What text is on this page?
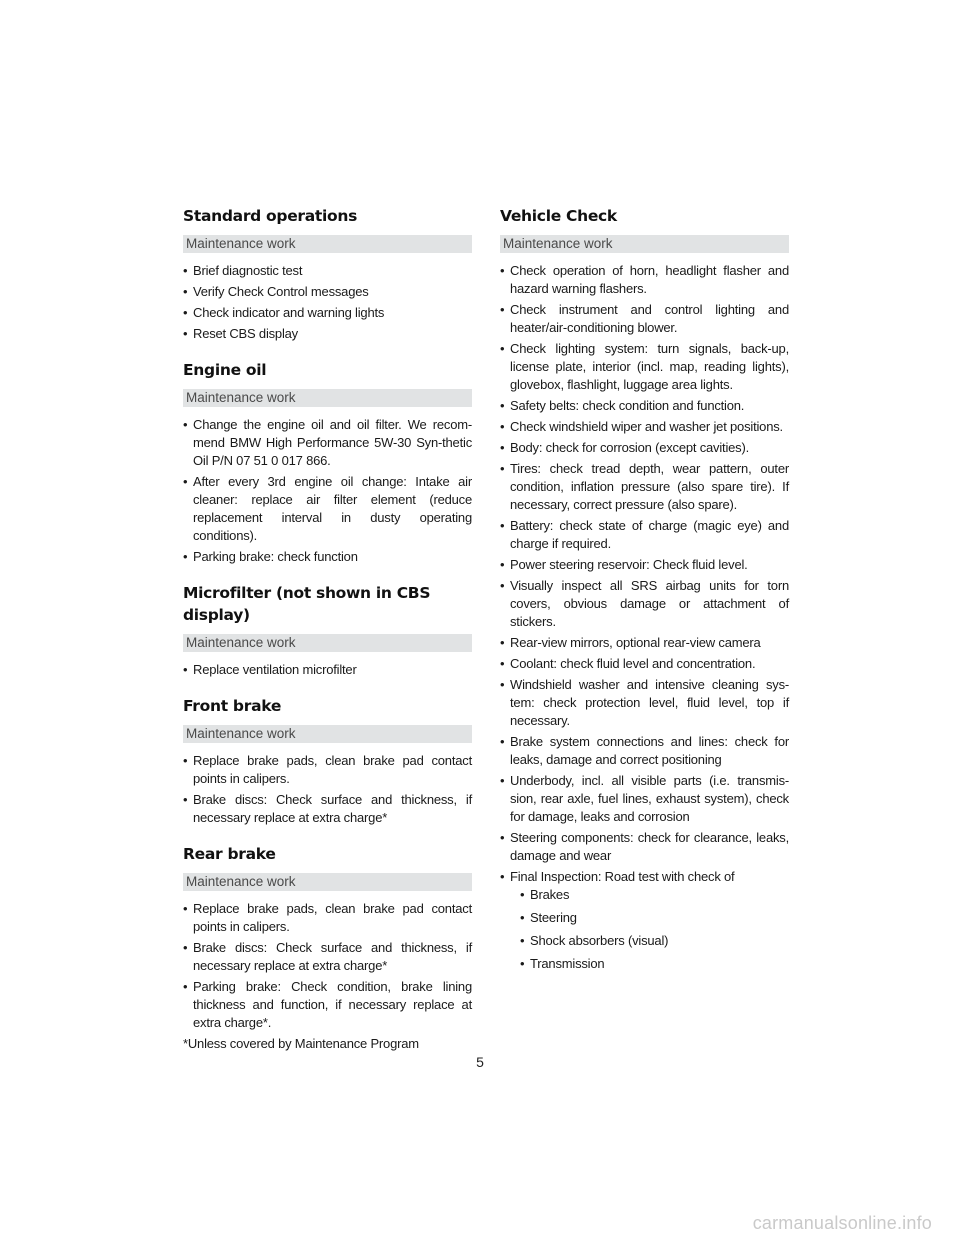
Standard operations
Maintenance work
• Brief diagnostic test
• Verify Check Control messages
• Check indicator and warning lights
• Reset CBS display
Engine oil
Maintenance work
• Change the engine oil and oil filter. We recom-mend BMW High Performance 5W-30 Syn-thetic Oil P/N 07 51 0 017 866.
• After every 3rd engine oil change: Intake air cleaner: replace air filter element (reduce replacement interval in dusty operating conditions).
• Parking brake: check function
Microfilter (not shown in CBS display)
Maintenance work
• Replace ventilation microfilter
Front brake
Maintenance work
• Replace brake pads, clean brake pad contact points in calipers.
• Brake discs: Check surface and thickness, if necessary replace at extra charge*
Rear brake
Maintenance work
• Replace brake pads, clean brake pad contact points in calipers.
• Brake discs: Check surface and thickness, if necessary replace at extra charge*
• Parking brake: Check condition, brake lining thickness and function, if necessary replace at extra charge*.
*Unless covered by Maintenance Program
Vehicle Check
Maintenance work
• Check operation of horn, headlight flasher and hazard warning flashers.
• Check instrument and control lighting and heater/air-conditioning blower.
• Check lighting system: turn signals, back-up, license plate, interior (incl. map, reading lights), glovebox, flashlight, luggage area lights.
• Safety belts: check condition and function.
• Check windshield wiper and washer jet positions.
• Body: check for corrosion (except cavities).
• Tires: check tread depth, wear pattern, outer condition, inflation pressure (also spare tire). If necessary, correct pressure (also spare).
• Battery: check state of charge (magic eye) and charge if required.
• Power steering reservoir: Check fluid level.
• Visually inspect all SRS airbag units for torn covers, obvious damage or attachment of stickers.
• Rear-view mirrors, optional rear-view camera
• Coolant: check fluid level and concentration.
• Windshield washer and intensive cleaning sys-tem: check protection level, fluid level, top if necessary.
• Brake system connections and lines: check for leaks, damage and correct positioning
• Underbody, incl. all visible parts (i.e. transmis-sion, rear axle, fuel lines, exhaust system), check for damage, leaks and corrosion
• Steering components: check for clearance, leaks, damage and wear
• Final Inspection: Road test with check of
• Brakes
• Steering
• Shock absorbers (visual)
• Transmission
5
carmanualsonline.info
